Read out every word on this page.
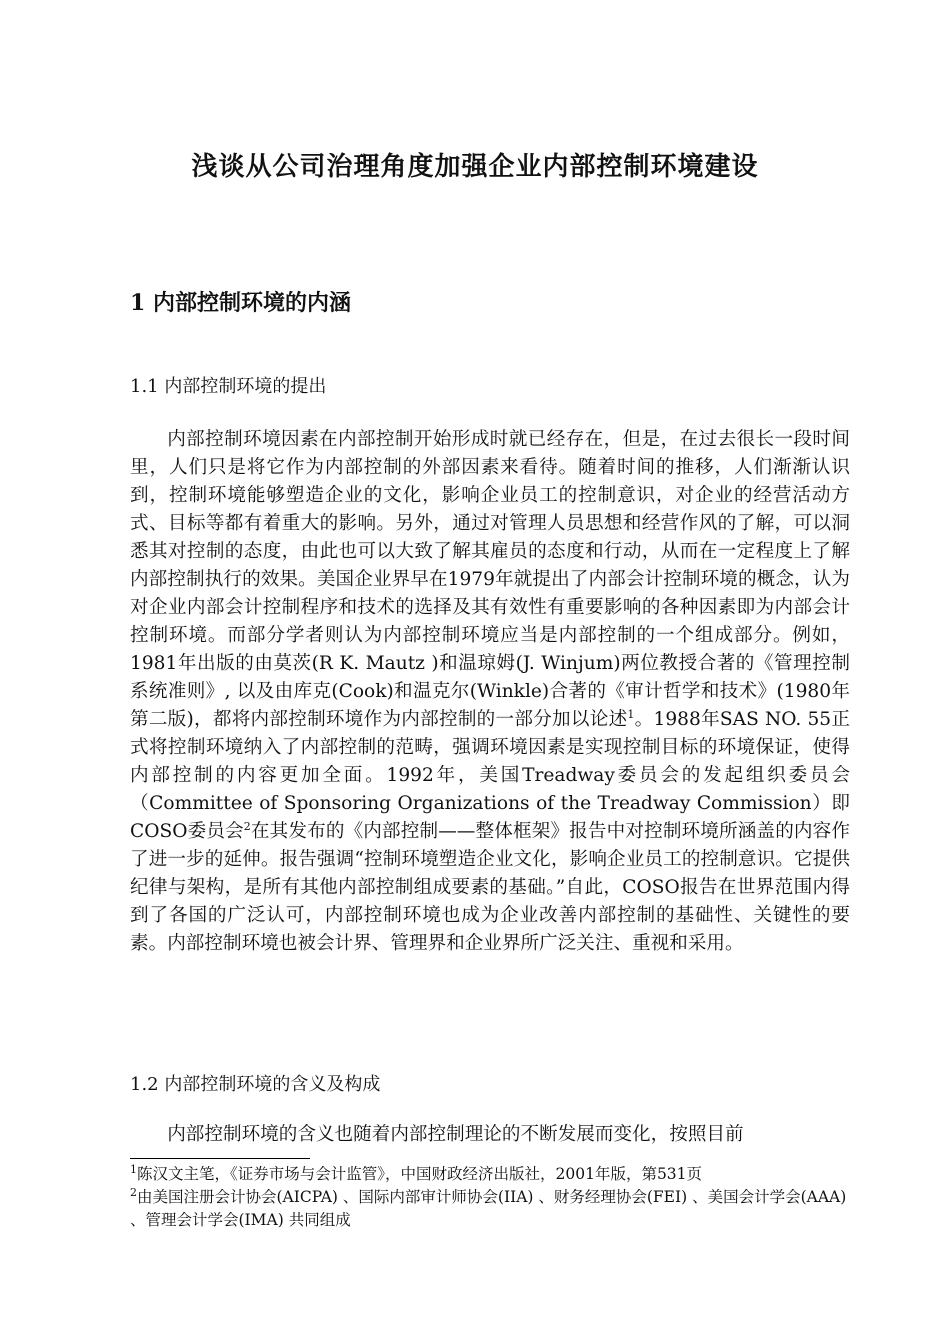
浅谈从公司治理角度加强企业内部控制环境建设
1 内部控制环境的内涵
1.1 内部控制环境的提出
内部控制环境因素在内部控制开始形成时就已经存在，但是，在过去很长一段时间里，人们只是将它作为内部控制的外部因素来看待。随着时间的推移，人们渐渐认识到，控制环境能够塑造企业的文化，影响企业员工的控制意识，对企业的经营活动方式、目标等都有着重大的影响。另外，通过对管理人员思想和经营作风的了解，可以洞悉其对控制的态度，由此也可以大致了解其雇员的态度和行动，从而在一定程度上了解内部控制执行的效果。美国企业界早在1979年就提出了内部会计控制环境的概念，认为对企业内部会计控制程序和技术的选择及其有效性有重要影响的各种因素即为内部会计控制环境。而部分学者则认为内部控制环境应当是内部控制的一个组成部分。例如，1981年出版的由莫茨(R K. Mautz )和温琼姆(J. Winjum)两位教授合著的《管理控制系统准则》, 以及由库克(Cook)和温克尔(Winkle)合著的《审计哲学和技术》(1980年第二版)，都将内部控制环境作为内部控制的一部分加以论述$^1$。1988年SAS NO. 55正式将控制环境纳入了内部控制的范畴，强调环境因素是实现控制目标的环境保证，使得内部控制的内容更加全面。1992年，美国Treadway委员会的发起组织委员会（Committee of Sponsoring Organizations of the Treadway Commission）即COSO委员会$^2$在其发布的《内部控制——整体框架》报告中对控制环境所涵盖的内容作了进一步的延伸。报告强调“控制环境塑造企业文化，影响企业员工的控制意识。它提供纪律与架构，是所有其他内部控制组成要素的基础。”自此，COSO报告在世界范围内得到了各国的广泛认可，内部控制环境也成为企业改善内部控制的基础性、关键性的要素。内部控制环境也被会计界、管理界和企业界所广泛关注、重视和采用。
1.2 内部控制环境的含义及构成
内部控制环境的含义也随着内部控制理论的不断发展而变化，按照目前
$^1$陈汉文主笔，《证券市场与会计监管》，中国财政经济出版社，2001年版，第531页
$^2$由美国注册会计协会(AICPA) 、国际内部审计师协会(IIA) 、财务经理协会(FEI) 、美国会计学会(AAA) 、管理会计学会(IMA) 共同组成
